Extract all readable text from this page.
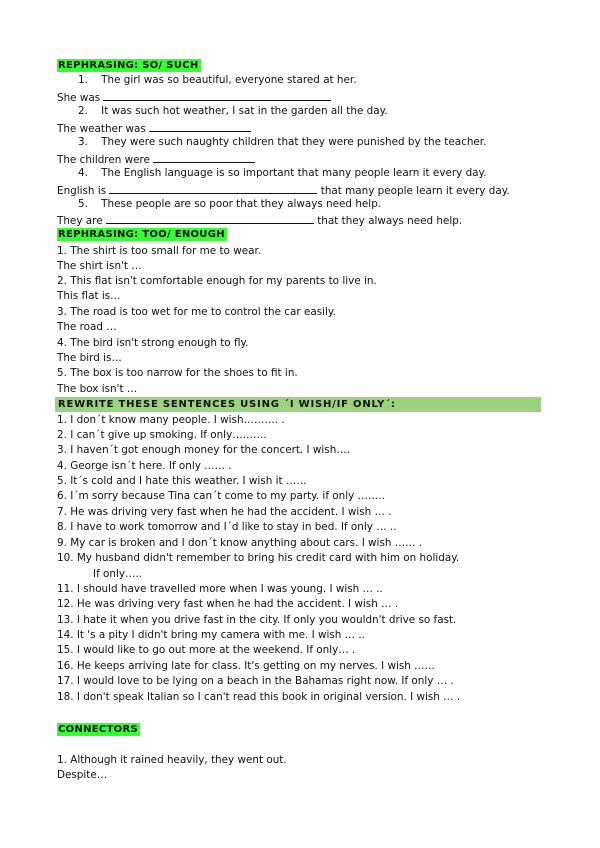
REPHRASING: SO/ SUCH
1. The girl was so beautiful, everyone stared at her.
She was
2. It was such hot weather, I sat in the garden all the day.
The weather was
3. They were such naughty children that they were punished by the teacher.
The children were
4. The English language is so important that many people learn it every day.
English is	that many people learn it every day.
5. These people are so poor that they always need help.
They are	that they always need help.
REPHRASING: TOO/ ENOUGH
1. The shirt is too small for me to wear.
The shirt isn't …
2. This flat isn't comfortable enough for my parents to live in.
This flat is…
3. The road is too wet for me to control the car easily.
The road …
4. The bird isn't strong enough to fly.
The bird is…
5. The box is too narrow for the shoes to fit in.
The box isn't …
REWRITE THESE SENTENCES USING ´I WISH/IF ONLY´:
1. I don´t know many people. I wish………. .
2. I can´t give up smoking. If only……….
3. I haven´t got enough money for the concert. I wish….
4. George isn´t here. If only …… .
5. It´s cold and I hate this weather. I wish it ……
6. I´m sorry because Tina can´t come to my party. if only ……..
7. He was driving very fast when he had the accident. I wish … .
8. I have to work tomorrow and I´d like to stay in bed. If only … ..
9. My car is broken and I don´t know anything about cars. I wish …… .
10. My husband didn't remember to bring his credit card with him on holiday.
If only…..
11. I should have travelled more when I was young. I wish … ..
12. He was driving very fast when he had the accident. I wish … .
13. I hate it when you drive fast in the city. If only you wouldn't drive so fast.
14. It 's a pity I didn't bring my camera with me. I wish … ..
15. I would like to go out more at the weekend. If only… .
16. He keeps arriving late for class. It's getting on my nerves. I wish ……
17. I would love to be lying on a beach in the Bahamas right now. If only … .
18. I don't speak Italian so I can't read this book in original version. I wish … .
CONNECTORS
1. Although it rained heavily, they went out.
Despite…
